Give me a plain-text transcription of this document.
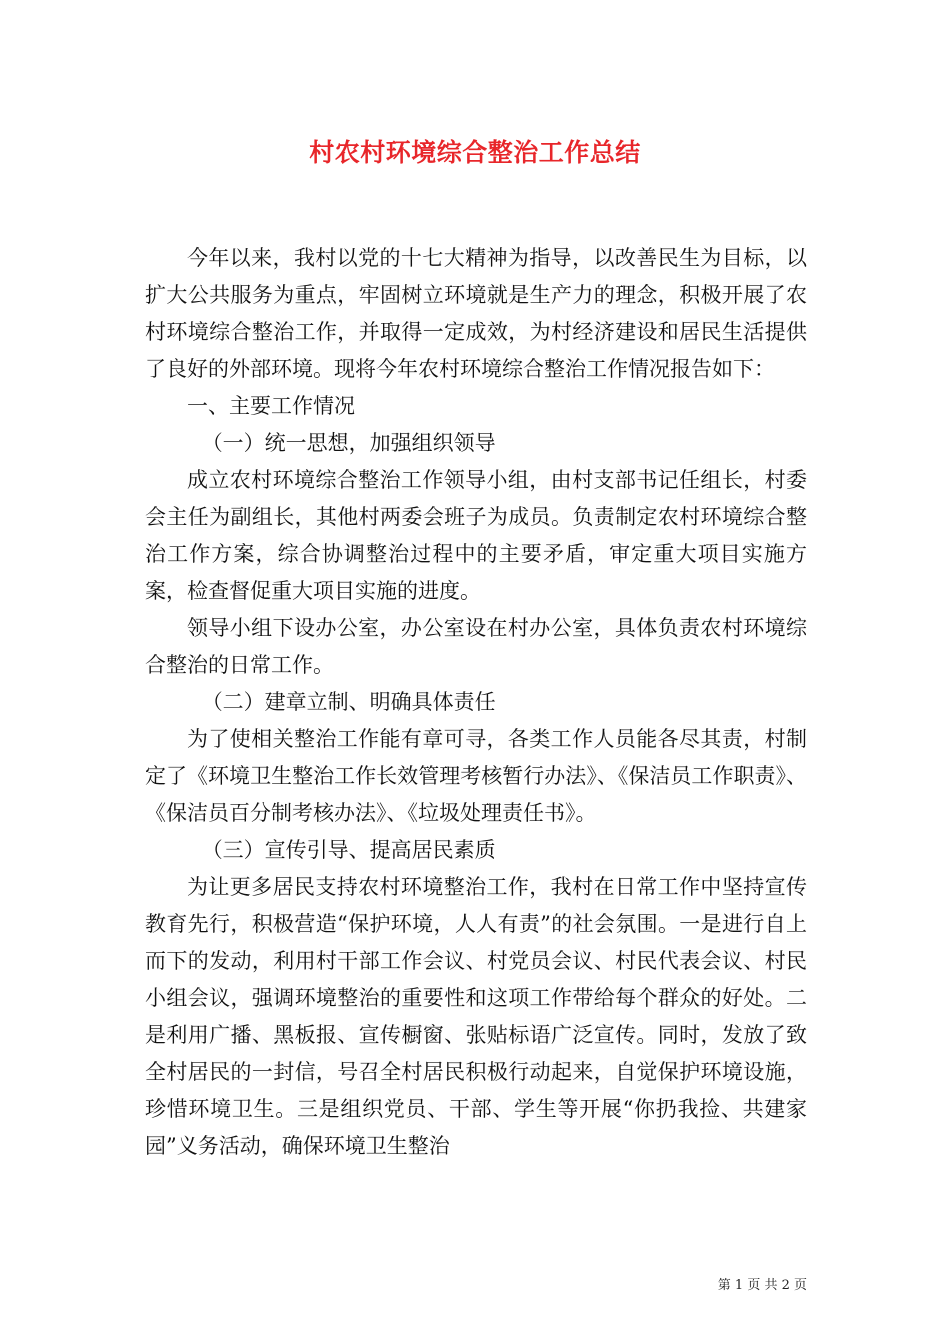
村农村环境综合整治工作总结

今年以来，我村以党的十七大精神为指导，以改善民生为目标，以扩大公共服务为重点，牢固树立环境就是生产力的理念，积极开展了农村环境综合整治工作，并取得一定成效，为村经济建设和居民生活提供了良好的外部环境。现将今年农村环境综合整治工作情况报告如下：

一、主要工作情况

（一）统一思想，加强组织领导

成立农村环境综合整治工作领导小组，由村支部书记任组长，村委会主任为副组长，其他村两委会班子为成员。负责制定农村环境综合整治工作方案，综合协调整治过程中的主要矛盾，审定重大项目实施方案，检查督促重大项目实施的进度。

领导小组下设办公室，办公室设在村办公室，具体负责农村环境综合整治的日常工作。

（二）建章立制、明确具体责任

为了使相关整治工作能有章可寻，各类工作人员能各尽其责，村制定了《环境卫生整治工作长效管理考核暂行办法》、《保洁员工作职责》、《保洁员百分制考核办法》、《垃圾处理责任书》。

（三）宣传引导、提高居民素质

为让更多居民支持农村环境整治工作，我村在日常工作中坚持宣传教育先行，积极营造“保护环境，人人有责”的社会氛围。一是进行自上而下的发动，利用村干部工作会议、村党员会议、村民代表会议、村民小组会议，强调环境整治的重要性和这项工作带给每个群众的好处。二是利用广播、黑板报、宣传橱窗、张贴标语广泛宣传。同时，发放了致全村居民的一封信，号召全村居民积极行动起来，自觉保护环境设施，珍惜环境卫生。三是组织党员、干部、学生等开展“你扔我捡、共建家园”义务活动，确保环境卫生整治

第 1 页 共 2 页
